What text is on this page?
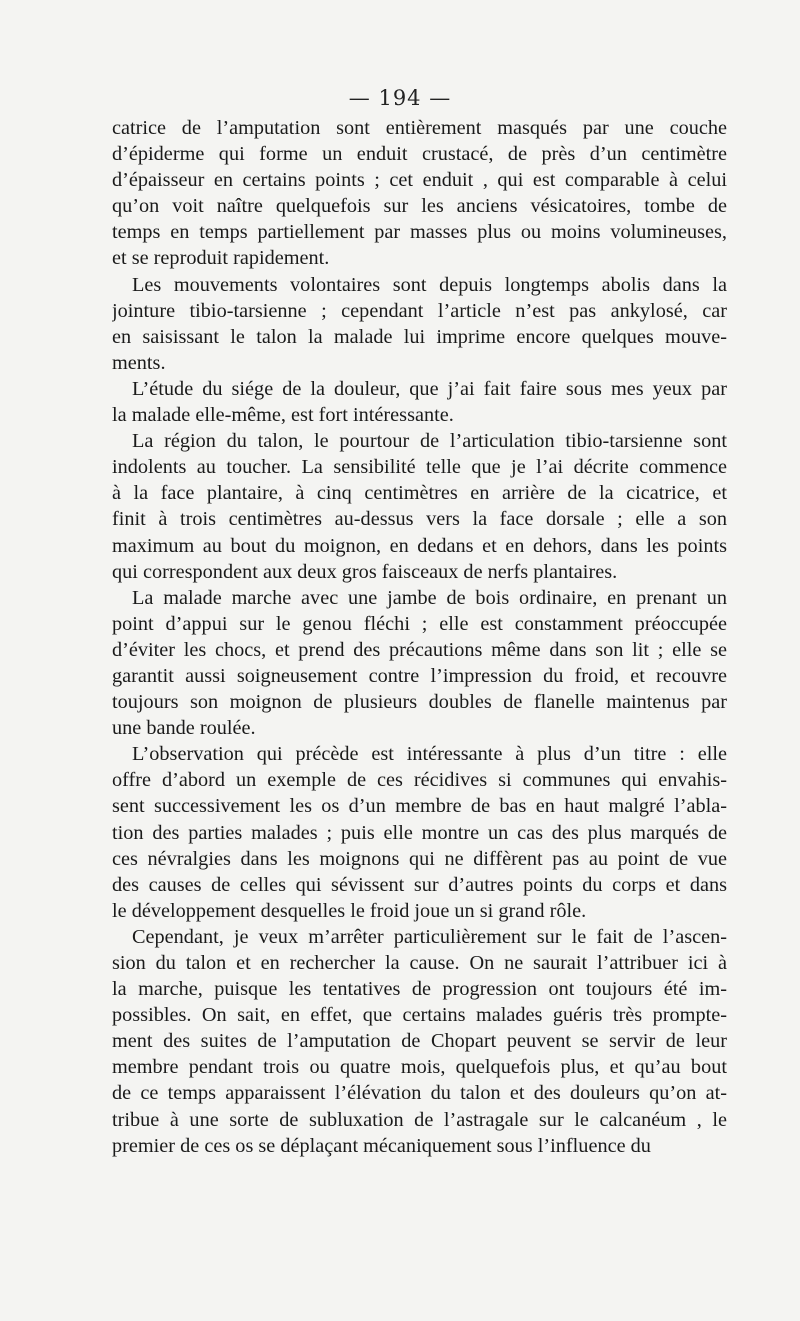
— 194 —
catrice de l’amputation sont entièrement masqués par une couche
d’épiderme qui forme un enduit crustacé, de près d’un centimètre
d’épaisseur en certains points ; cet enduit , qui est comparable à celui
qu’on voit naître quelquefois sur les anciens vésicatoires, tombe de
temps en temps partiellement par masses plus ou moins volumineuses,
et se reproduit rapidement.
Les mouvements volontaires sont depuis longtemps abolis dans la
jointure tibio-tarsienne ; cependant l’article n’est pas ankylosé, car
en saisissant le talon la malade lui imprime encore quelques mouve-
ments.
L’étude du siége de la douleur, que j’ai fait faire sous mes yeux par
la malade elle-même, est fort intéressante.
La région du talon, le pourtour de l’articulation tibio-tarsienne sont
indolents au toucher. La sensibilité telle que je l’ai décrite commence
à la face plantaire, à cinq centimètres en arrière de la cicatrice, et
finit à trois centimètres au-dessus vers la face dorsale ; elle a son
maximum au bout du moignon, en dedans et en dehors, dans les points
qui correspondent aux deux gros faisceaux de nerfs plantaires.
La malade marche avec une jambe de bois ordinaire, en prenant un
point d’appui sur le genou fléchi ; elle est constamment préoccupée
d’éviter les chocs, et prend des précautions même dans son lit ; elle se
garantit aussi soigneusement contre l’impression du froid, et recouvre
toujours son moignon de plusieurs doubles de flanelle maintenus par
une bande roulée.
L’observation qui précède est intéressante à plus d’un titre : elle
offre d’abord un exemple de ces récidives si communes qui envahis-
sent successivement les os d’un membre de bas en haut malgré l’abla-
tion des parties malades ; puis elle montre un cas des plus marqués de
ces névralgies dans les moignons qui ne diffèrent pas au point de vue
des causes de celles qui sévissent sur d’autres points du corps et dans
le développement desquelles le froid joue un si grand rôle.
Cependant, je veux m’arrêter particulièrement sur le fait de l’ascen-
sion du talon et en rechercher la cause. On ne saurait l’attribuer ici à
la marche, puisque les tentatives de progression ont toujours été im-
possibles. On sait, en effet, que certains malades guéris très prompte-
ment des suites de l’amputation de Chopart peuvent se servir de leur
membre pendant trois ou quatre mois, quelquefois plus, et qu’au bout
de ce temps apparaissent l’élévation du talon et des douleurs qu’on at-
tribue à une sorte de subluxation de l’astragale sur le calcanéum , le
premier de ces os se déplaçant mécaniquement sous l’influence du
